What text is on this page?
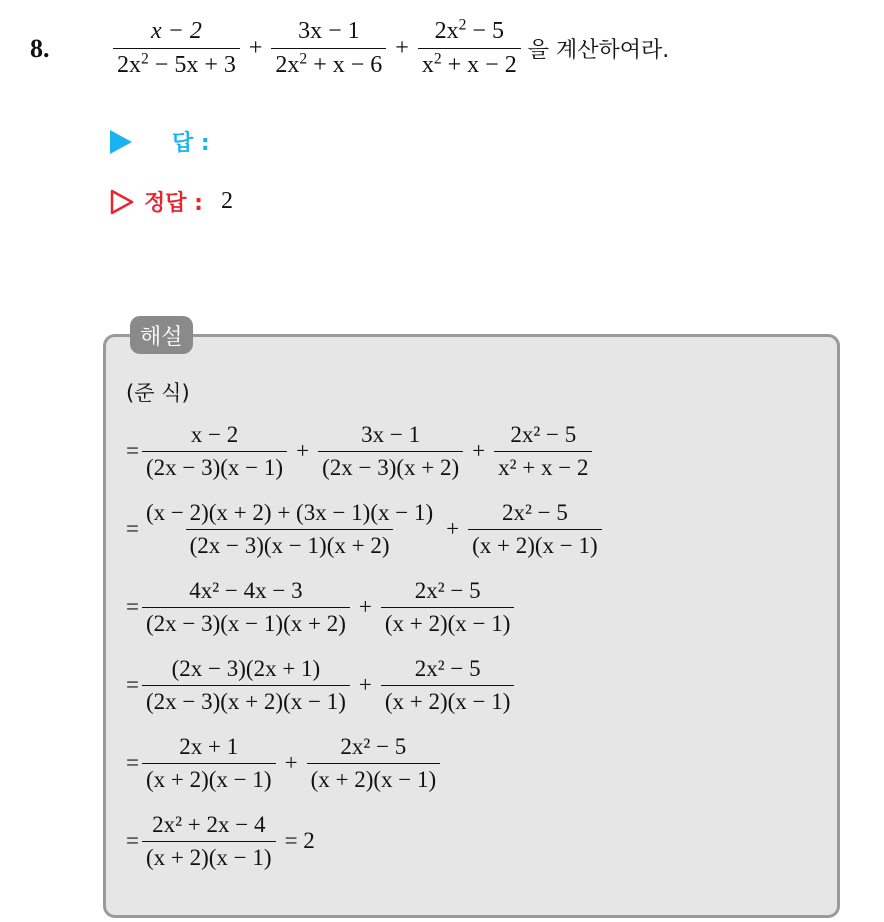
8.	$\frac{x - 2}{2x^2 - 5x + 3} + \frac{3x - 1}{2x^2 + x - 6} + \frac{2x^2 - 5}{x^2 + x - 2}$ 을 계산하여라.
답 :
정답 : 2
해설
(준 식)
= $\frac{x - 2}{(2x - 3)(x - 1)} + \frac{3x - 1}{(2x - 3)(x + 2)} + \frac{\text{2x² − 5}}{\text{x² + x − 2}}$
= $\frac{(x - 2)(x + 2) + (3x - 1)(x - 1)}{(2x - 3)(x - 1)(x + 2)} + \frac{\text{2x² − 5}}{(x + 2)(x - 1)}$
= $\frac{\text{4x² − 4x − 3}}{(2x - 3)(x - 1)(x + 2)} + \frac{\text{2x² − 5}}{(x + 2)(x - 1)}$
= $\frac{(2x - 3)(2x + 1)}{(2x - 3)(x + 2)(x - 1)} + \frac{\text{2x² − 5}}{(x + 2)(x - 1)}$
= $\frac{2x + 1}{(x + 2)(x - 1)} + \frac{\text{2x² − 5}}{(x + 2)(x - 1)}$
= $\frac{\text{2x² + 2x − 4}}{(x + 2)(x - 1)} = 2$
